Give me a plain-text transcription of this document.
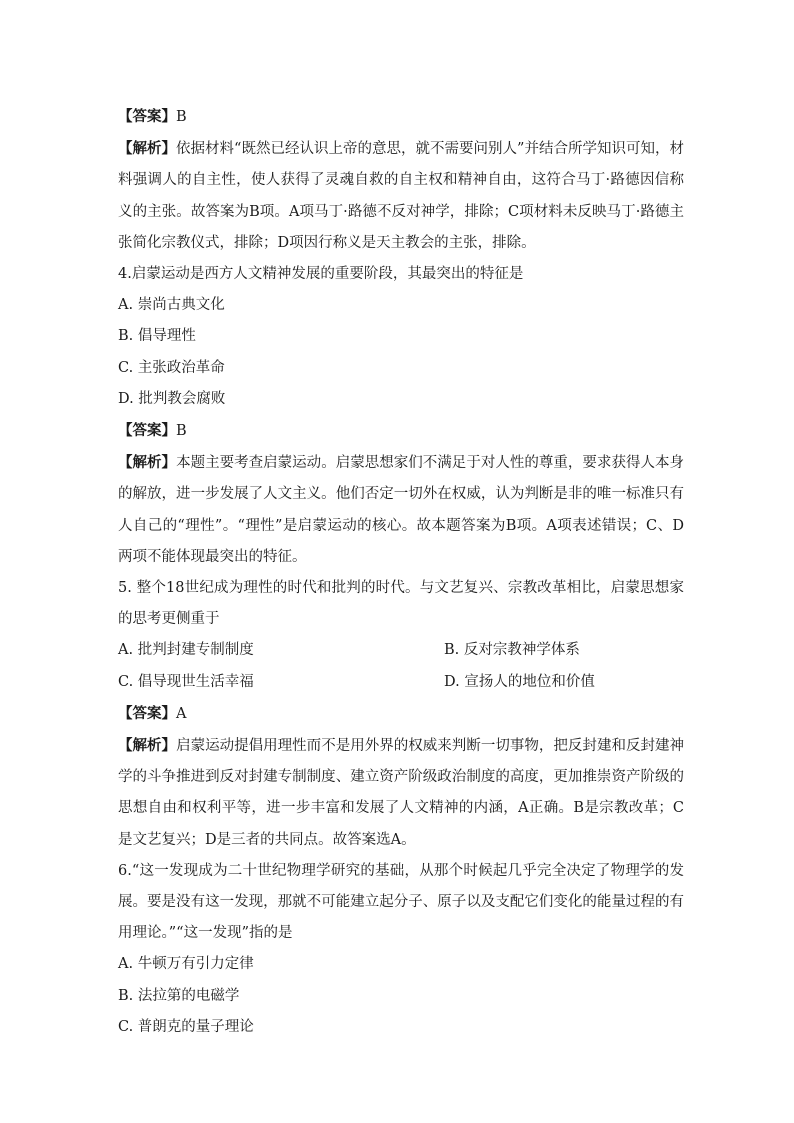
【答案】B
【解析】依据材料“既然已经认识上帝的意思，就不需要问别人”并结合所学知识可知，材料强调人的自主性，使人获得了灵魂自救的自主权和精神自由，这符合马丁·路德因信称义的主张。故答案为B项。A项马丁·路德不反对神学，排除；C项材料未反映马丁·路德主张简化宗教仪式，排除；D项因行称义是天主教会的主张，排除。
4.启蒙运动是西方人文精神发展的重要阶段，其最突出的特征是
A. 崇尚古典文化
B. 倡导理性
C. 主张政治革命
D. 批判教会腐败
【答案】B
【解析】本题主要考查启蒙运动。启蒙思想家们不满足于对人性的尊重，要求获得人本身的解放，进一步发展了人文主义。他们否定一切外在权威，认为判断是非的唯一标准只有人自己的“理性”。“理性”是启蒙运动的核心。故本题答案为B项。A项表述错误；C、D两项不能体现最突出的特征。
5. 整个18世纪成为理性的时代和批判的时代。与文艺复兴、宗教改革相比，启蒙思想家的思考更侧重于
A. 批判封建专制制度	B. 反对宗教神学体系
C. 倡导现世生活幸福	D. 宣扬人的地位和价值
【答案】A
【解析】启蒙运动提倡用理性而不是用外界的权威来判断一切事物，把反封建和反封建神学的斗争推进到反对封建专制制度、建立资产阶级政治制度的高度，更加推崇资产阶级的思想自由和权利平等，进一步丰富和发展了人文精神的内涵，A正确。B是宗教改革；C是文艺复兴；D是三者的共同点。故答案选A。
6.“这一发现成为二十世纪物理学研究的基础，从那个时候起几乎完全决定了物理学的发展。要是没有这一发现，那就不可能建立起分子、原子以及支配它们变化的能量过程的有用理论。”“这一发现”指的是
A. 牛顿万有引力定律
B. 法拉第的电磁学
C. 普朗克的量子理论
